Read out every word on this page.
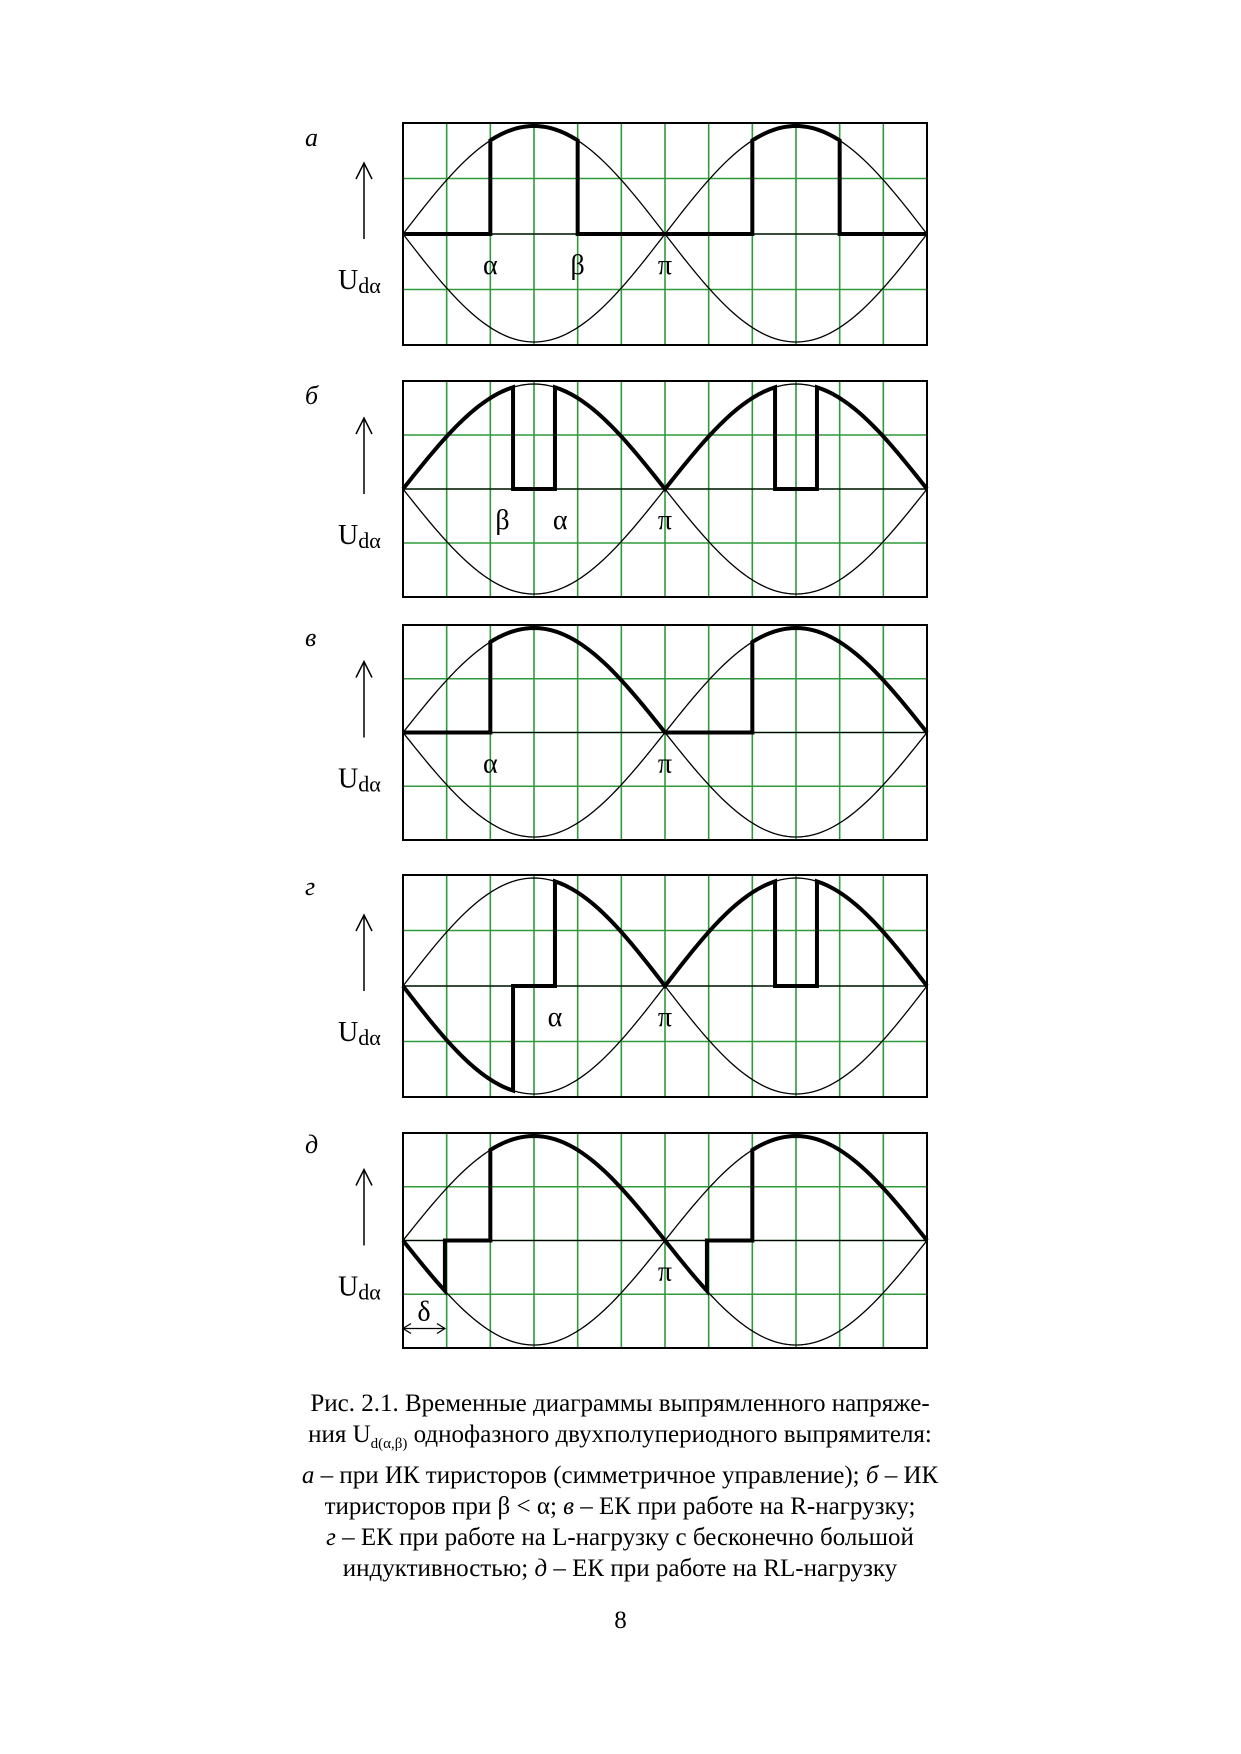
а
Udα
α	β	π
б
Udα
β α	π
в
Udα
α	π
г
Udα
α	π
д
Udα
π
δ
Рис. 2.1. Временные диаграммы выпрямленного напряже-
ния $U_{d(\alpha,\beta)}$ однофазного двухполупериодного выпрямителя:
а – при ИК тиристоров (симметричное управление); б – ИК
тиристоров при β < α; в – ЕК при работе на R-нагрузку;
г – ЕК при работе на L-нагрузку с бесконечно большой
индуктивностью; д – ЕК при работе на RL-нагрузку
8
